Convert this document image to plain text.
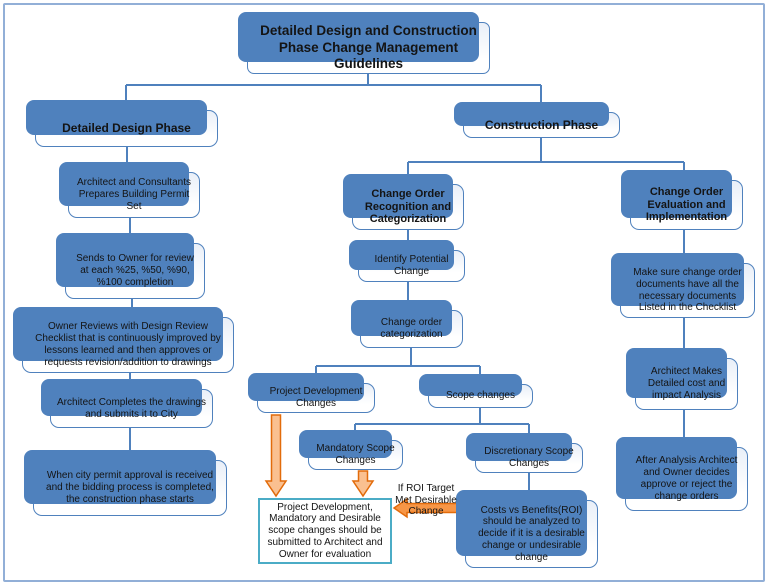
Detailed Design and Construction Phase Change Management Guidelines
Detailed Design Phase
Architect and Consultants Prepares Building Permit Set
Sends to Owner for review at each %25, %50, %90, %100 completion
Owner Reviews with Design Review Checklist that is continuously improved by lessons learned and then approves or requests revision/addition to drawings
Architect Completes the drawings and submits it to City
When city permit approval is received and the bidding process is completed, the construction phase starts
Construction Phase
Change Order Recognition and Categorization
Identify Potential Change
Change order categorization
Project Development Changes
Scope changes
Mandatory Scope Changes
Discretionary Scope Changes
Project Development, Mandatory and Desirable scope changes should be submitted to Architect and Owner for evaluation
If ROI Target Met Desirable Change	Costs vs Benefits(ROI) should be analyzed to decide if it is a desirable change or undesirable change
Change Order Evaluation and Implementation
Make sure change order documents have all the necessary documents Listed in the Checklist
Architect Makes Detailed cost and impact Analysis
After Analysis Architect and Owner decides approve or reject the change orders
